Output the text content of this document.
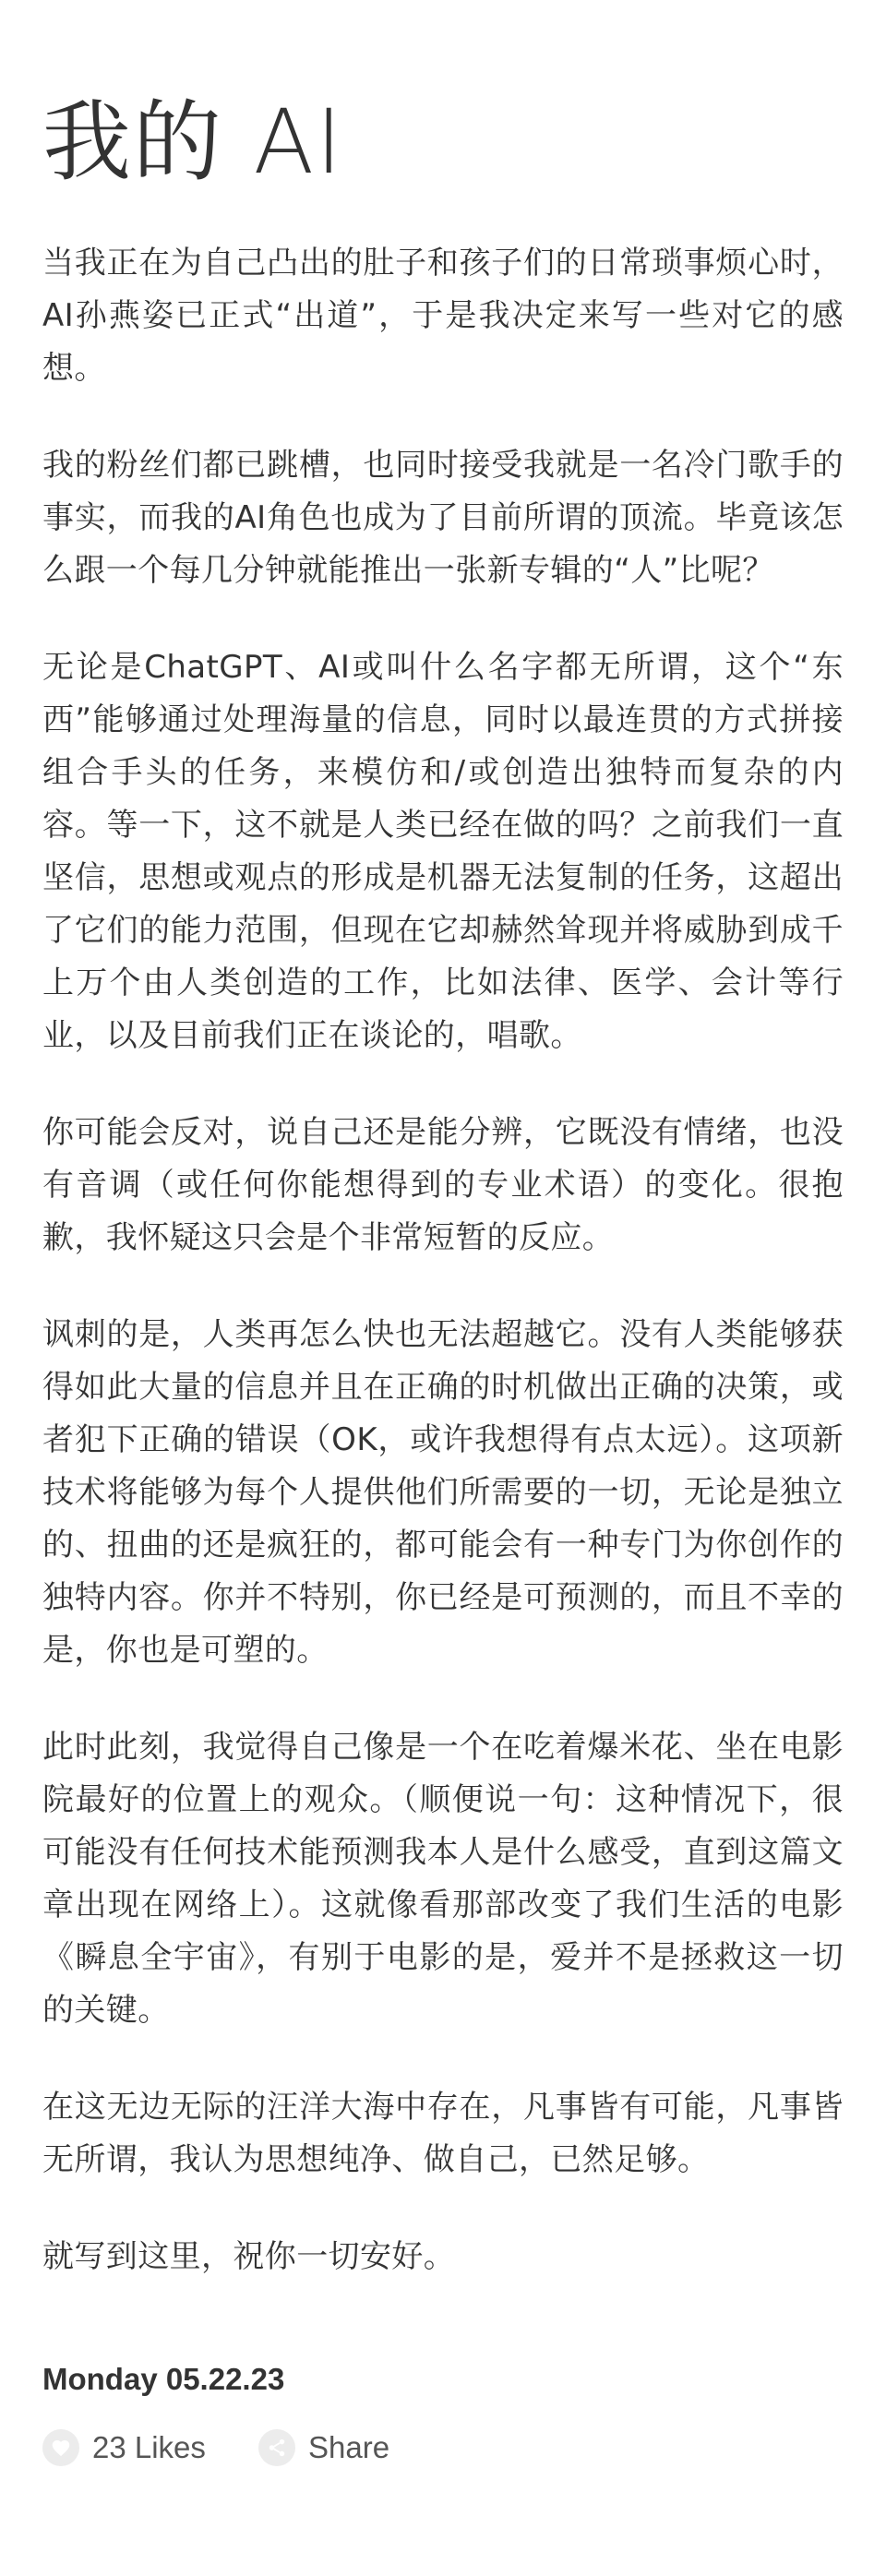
我的 AI

当我正在为自己凸出的肚子和孩子们的日常琐事烦心时，AI孙燕姿已正式“出道”，于是我决定来写一些对它的感想。

我的粉丝们都已跳槽，也同时接受我就是一名冷门歌手的事实，而我的AI角色也成为了目前所谓的顶流。毕竟该怎么跟一个每几分钟就能推出一张新专辑的“人”比呢？

无论是ChatGPT、AI或叫什么名字都无所谓，这个“东西”能够通过处理海量的信息，同时以最连贯的方式拼接组合手头的任务，来模仿和/或创造出独特而复杂的内容。等一下，这不就是人类已经在做的吗？之前我们一直坚信，思想或观点的形成是机器无法复制的任务，这超出了它们的能力范围，但现在它却赫然耸现并将威胁到成千上万个由人类创造的工作，比如法律、医学、会计等行业，以及目前我们正在谈论的，唱歌。

你可能会反对，说自己还是能分辨，它既没有情绪，也没有音调（或任何你能想得到的专业术语）的变化。很抱歉，我怀疑这只会是个非常短暂的反应。

讽刺的是，人类再怎么快也无法超越它。没有人类能够获得如此大量的信息并且在正确的时机做出正确的决策，或者犯下正确的错误（OK，或许我想得有点太远）。这项新技术将能够为每个人提供他们所需要的一切，无论是独立的、扭曲的还是疯狂的，都可能会有一种专门为你创作的独特内容。你并不特别，你已经是可预测的，而且不幸的是，你也是可塑的。

此时此刻，我觉得自己像是一个在吃着爆米花、坐在电影院最好的位置上的观众。（顺便说一句：这种情况下，很可能没有任何技术能预测我本人是什么感受，直到这篇文章出现在网络上）。这就像看那部改变了我们生活的电影《瞬息全宇宙》，有别于电影的是，爱并不是拯救这一切的关键。

在这无边无际的汪洋大海中存在，凡事皆有可能，凡事皆无所谓，我认为思想纯净、做自己，已然足够。

就写到这里，祝你一切安好。

Monday 05.22.23
23 Likes	Share
